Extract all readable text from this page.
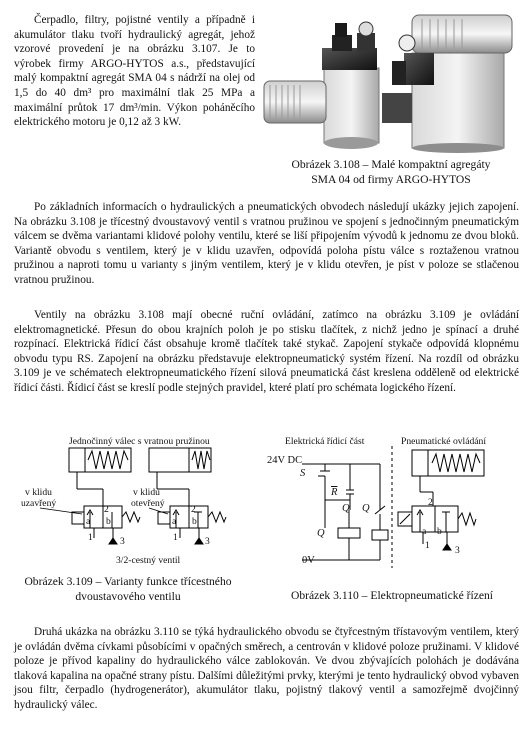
Čerpadlo, filtry, pojistné ventily a případně i akumulátor tlaku tvoří hydraulický agregát, jehož vzorové provedení je na obrázku 3.107. Je to výrobek firmy ARGO-HYTOS a.s., představující malý kompaktní agregát SMA 04 s nádrží na olej od 1,5 do 40 dm³ pro maximální tlak 25 MPa a maximální průtok 17 dm³/min. Výkon poháněcího elektrického motoru je 0,12 až 3 kW.

Obrázek 3.108 – Malé kompaktní agregáty
SMA 04 od firmy ARGO-HYTOS

Po základních informacích o hydraulických a pneumatických obvodech následují ukázky jejich zapojení. Na obrázku 3.108 je třícestný dvoustavový ventil s vratnou pružinou ve spojení s jednočinným pneumatickým válcem se dvěma variantami klidové polohy ventilu, které se liší připojením vývodů k jednomu ze dvou bloků. Variantě obvodu s ventilem, který je v klidu uzavřen, odpovídá poloha pístu válce s roztaženou vratnou pružinou a naproti tomu u varianty s jiným ventilem, který je v klidu otevřen, je píst v poloze se stlačenou vratnou pružinou.

Ventily na obrázku 3.108 mají obecné ruční ovládání, zatímco na obrázku 3.109 je ovládání elektromagnetické. Přesun do obou krajních poloh je po stisku tlačítek, z nichž jedno je spínací a druhé rozpínací. Elektrická řídicí část obsahuje kromě tlačítek také stykač. Zapojení stykače odpovídá klopnému obvodu typu RS. Zapojení na obrázku představuje elektropneumatický systém řízení. Na rozdíl od obrázku 3.109 je ve schématech elektropneumatického řízení silová pneumatická část kreslena odděleně od elektrické řídicí části. Řídicí část se kreslí podle stejných pravidel, které platí pro schémata logického řízení.

Jednočinný válec s vratnou pružinou
v klidu
uzavřený
v klidu
otevřený
2	2
a b	a b
1	3	1	3
3/2-cestný ventil
Obrázek 3.109 – Varianty funkce třícestného
dvoustavového ventilu
Elektrická řídicí část	Pneumatické ovládání
24V DC
S
$\overline{R}$
Q Q
Q
0V
2
a b
1	3
Obrázek 3.110 – Elektropneumatické řízení

Druhá ukázka na obrázku 3.110 se týká hydraulického obvodu se čtyřcestným třístavovým ventilem, který je ovládán dvěma cívkami působícími v opačných směrech, a centrován v klidové poloze pružinami. V klidové poloze je přívod kapaliny do hydraulického válce zablokován. Ve dvou zbývajících polohách je dodávána tlaková kapalina na opačné strany pístu. Dalšími důležitými prvky, kterými je tento hydraulický obvod vybaven jsou filtr, čerpadlo (hydrogenerátor), akumulátor tlaku, pojistný tlakový ventil a samozřejmě dvojčinný hydraulický válec.
